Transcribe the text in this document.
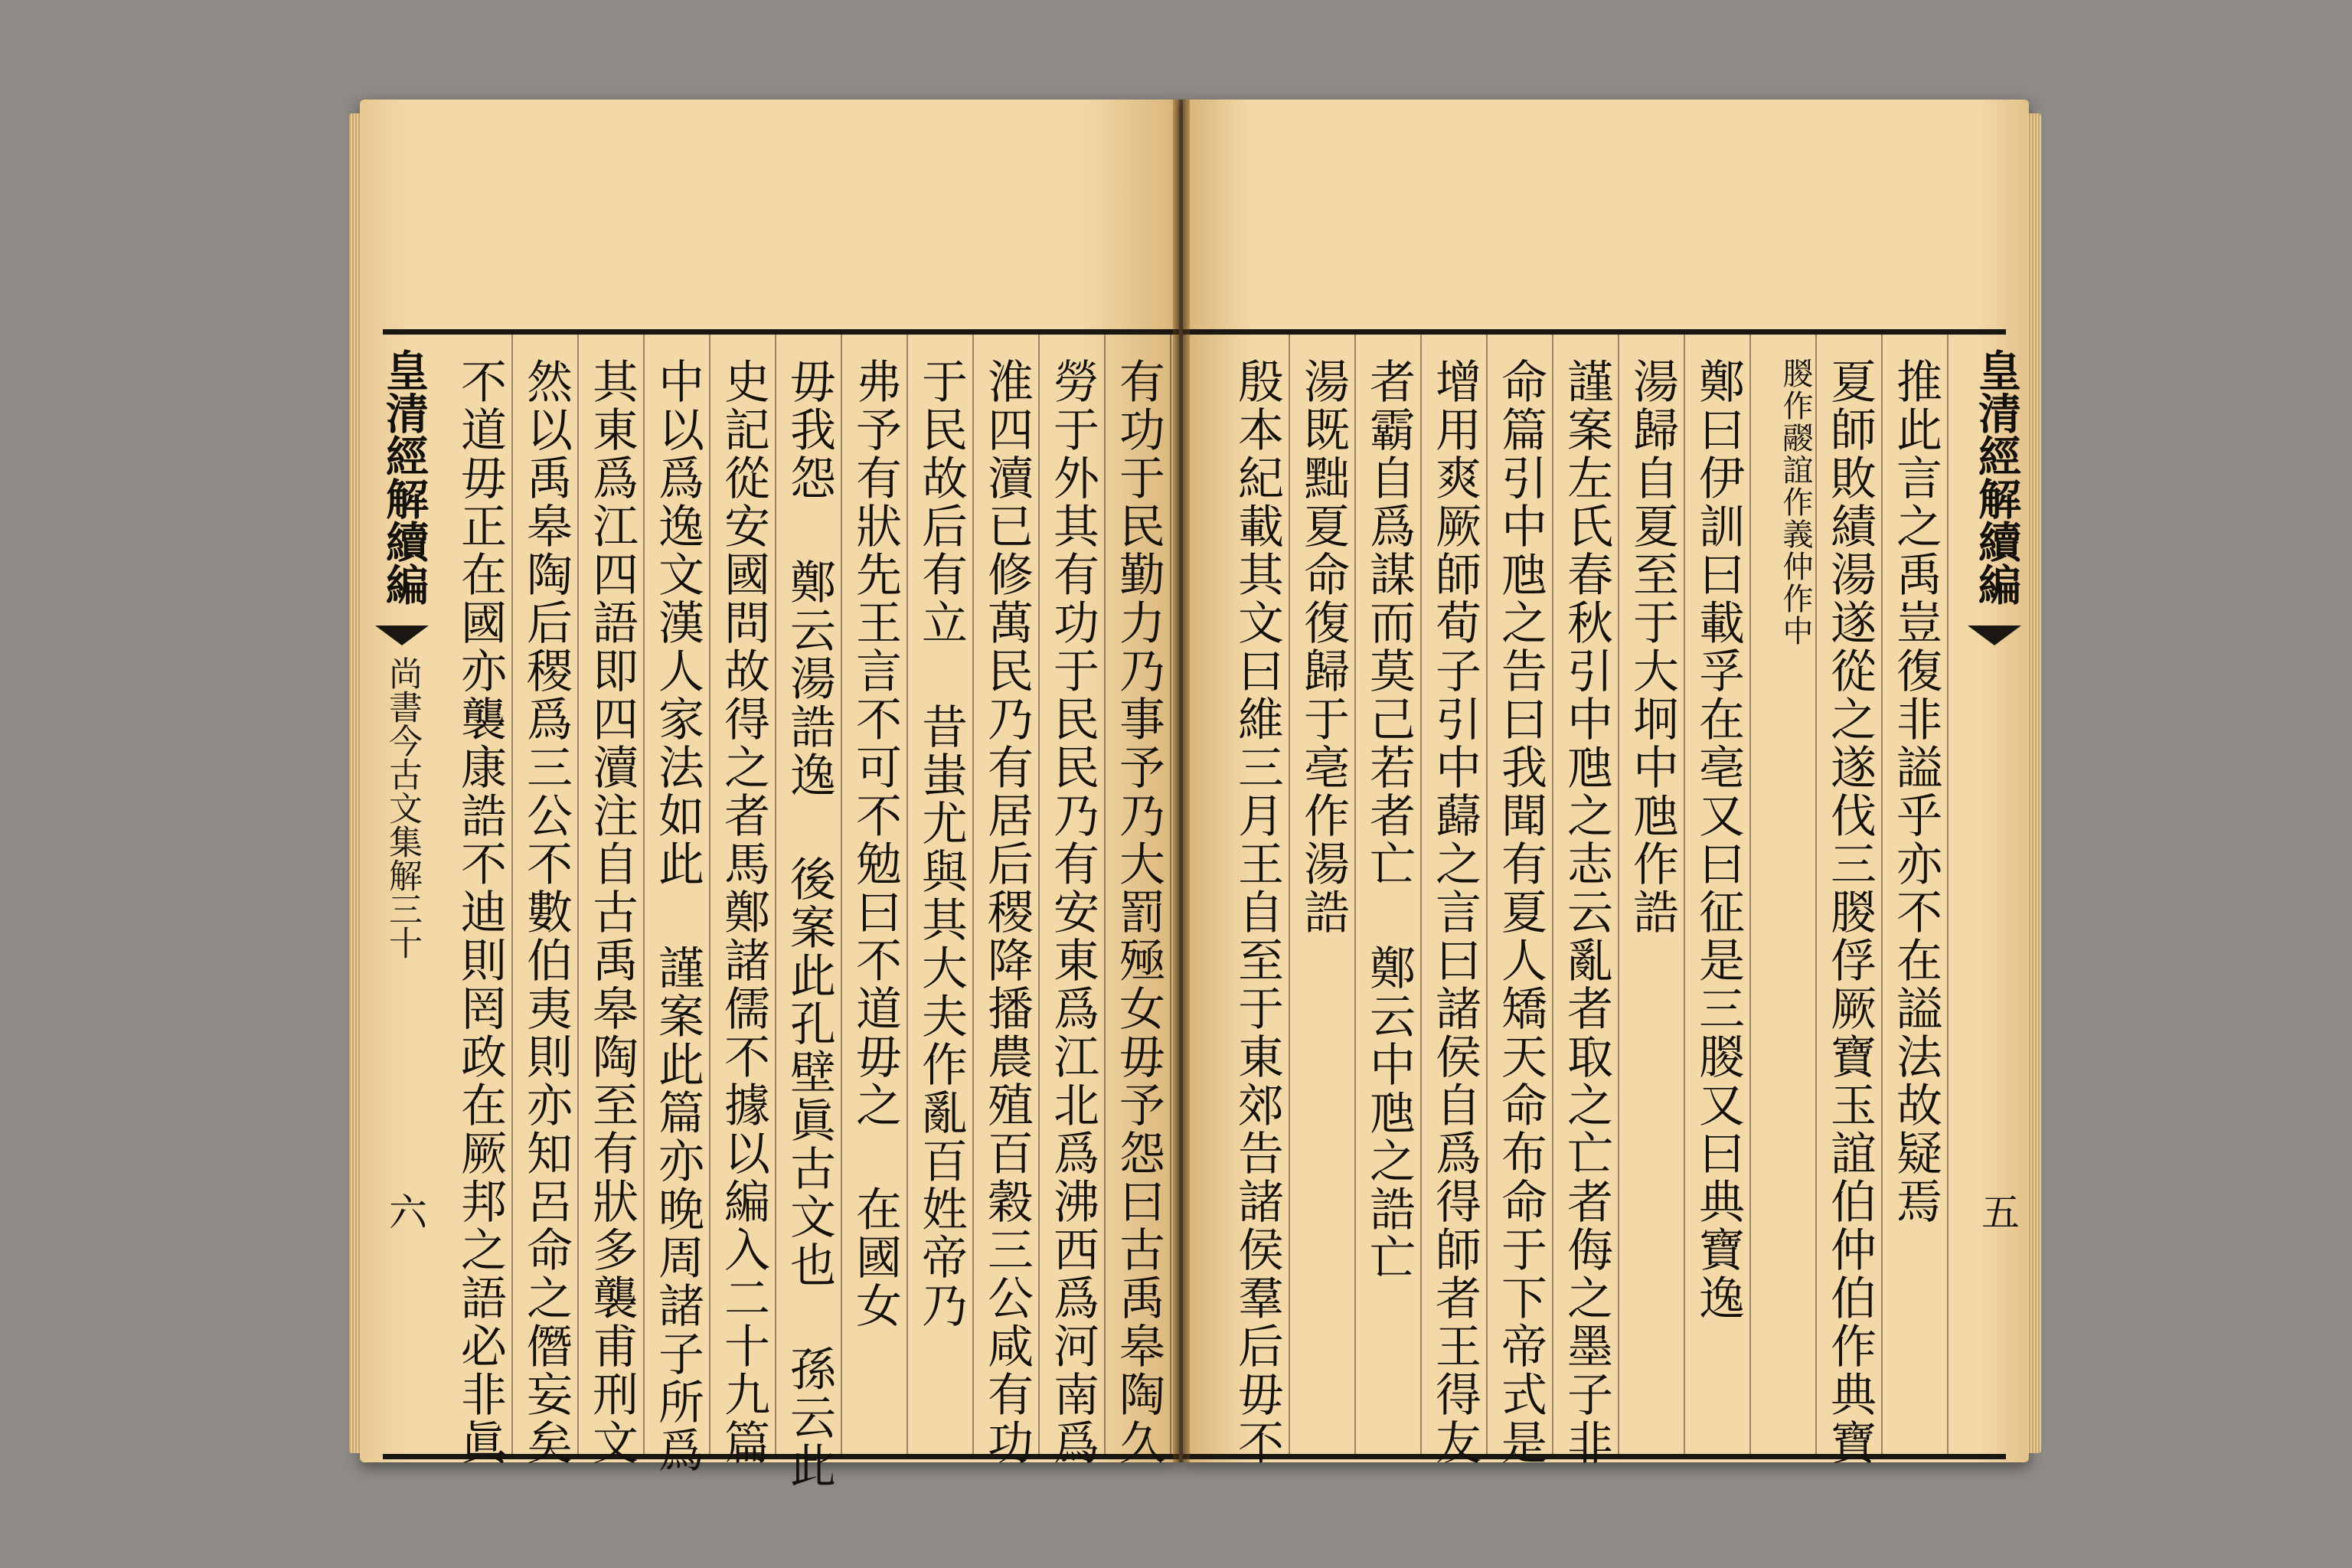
皇清經解續編
尚書今古文集解三十
六	有功于民勤力乃事予乃大罰殛女毋予怨曰古禹皋陶久
勞于外其有功于民民乃有安東爲江北爲沸西爲河南爲
淮四瀆已修萬民乃有居后稷降播農殖百穀三公咸有功
于民故后有立 昔蚩尤與其大夫作亂百姓帝乃
弗予有狀先王言不可不勉曰不道毋之 在國女
毋我怨 鄭云湯誥逸 後案此孔壁眞古文也 孫云此
史記從安國問故得之者馬鄭諸儒不據以編入二十九篇
中以爲逸文漢人家法如此 謹案此篇亦晚周諸子所爲
其東爲江四語即四瀆注自古禹皋陶至有狀多襲甫刑文
然以禹皋陶后稷爲三公不數伯夷則亦知呂命之僭妄矣
不道毋正在國亦襲康誥不迪則罔政在厥邦之語必非眞	皇清經解續編
五
推此言之禹豈復非謚乎亦不在謚法故疑焉
夏師敗績湯遂從之遂伐三朡俘厥寶玉誼伯仲伯作典寶
朡作鬷誼作義仲作中
鄭曰伊訓曰載孚在亳又曰征是三朡又曰典寶逸
湯歸自夏至于大坰中虺作誥
謹案左氏春秋引中虺之志云亂者取之亡者侮之墨子非
命篇引中虺之告曰我聞有夏人矯天命布命于下帝式是
增用爽厥師荀子引中蘬之言曰諸侯自爲得師者王得友
者霸自爲謀而莫己若者亡 鄭云中虺之誥亡
湯既黜夏命復歸于亳作湯誥
殷本紀載其文曰維三月王自至于東郊告諸侯羣后毋不
